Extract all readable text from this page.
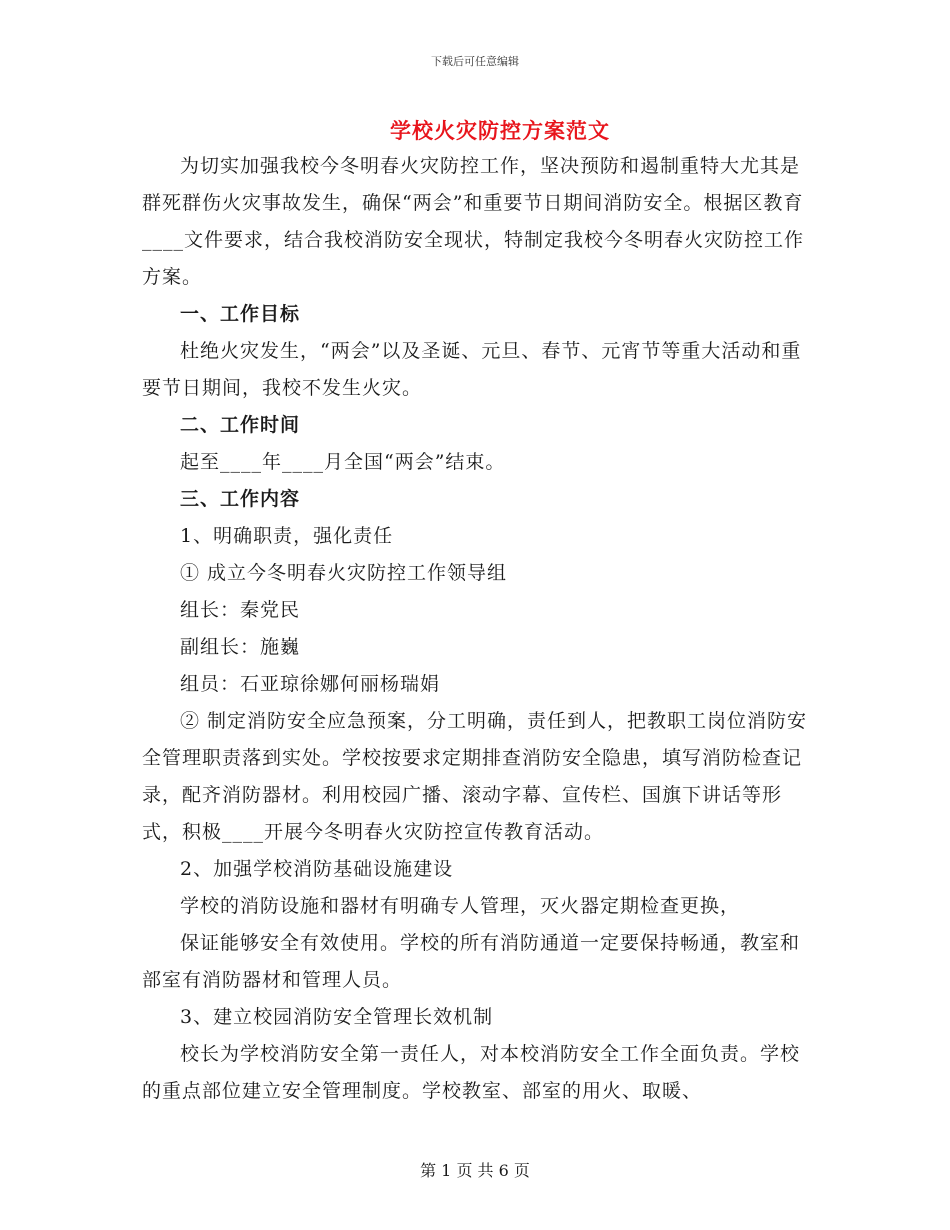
下载后可任意编辑
学校火灾防控方案范文

为切实加强我校今冬明春火灾防控工作，坚决预防和遏制重特大尤其是群死群伤火灾事故发生，确保“两会”和重要节日期间消防安全。根据区教育____文件要求，结合我校消防安全现状，特制定我校今冬明春火灾防控工作方案。

一、工作目标

杜绝火灾发生，“两会”以及圣诞、元旦、春节、元宵节等重大活动和重要节日期间，我校不发生火灾。

二、工作时间

起至____年____月全国“两会”结束。

三、工作内容

1、明确职责，强化责任

① 成立今冬明春火灾防控工作领导组

组长：秦党民

副组长：施巍

组员：石亚琼徐娜何丽杨瑞娟

② 制定消防安全应急预案，分工明确，责任到人，把教职工岗位消防安全管理职责落到实处。学校按要求定期排查消防安全隐患，填写消防检查记录，配齐消防器材。利用校园广播、滚动字幕、宣传栏、国旗下讲话等形式，积极____开展今冬明春火灾防控宣传教育活动。

2、加强学校消防基础设施建设

学校的消防设施和器材有明确专人管理，灭火器定期检查更换，

保证能够安全有效使用。学校的所有消防通道一定要保持畅通，教室和部室有消防器材和管理人员。

3、建立校园消防安全管理长效机制

校长为学校消防安全第一责任人，对本校消防安全工作全面负责。学校的重点部位建立安全管理制度。学校教室、部室的用火、取暖、

第 1 页 共 6 页
